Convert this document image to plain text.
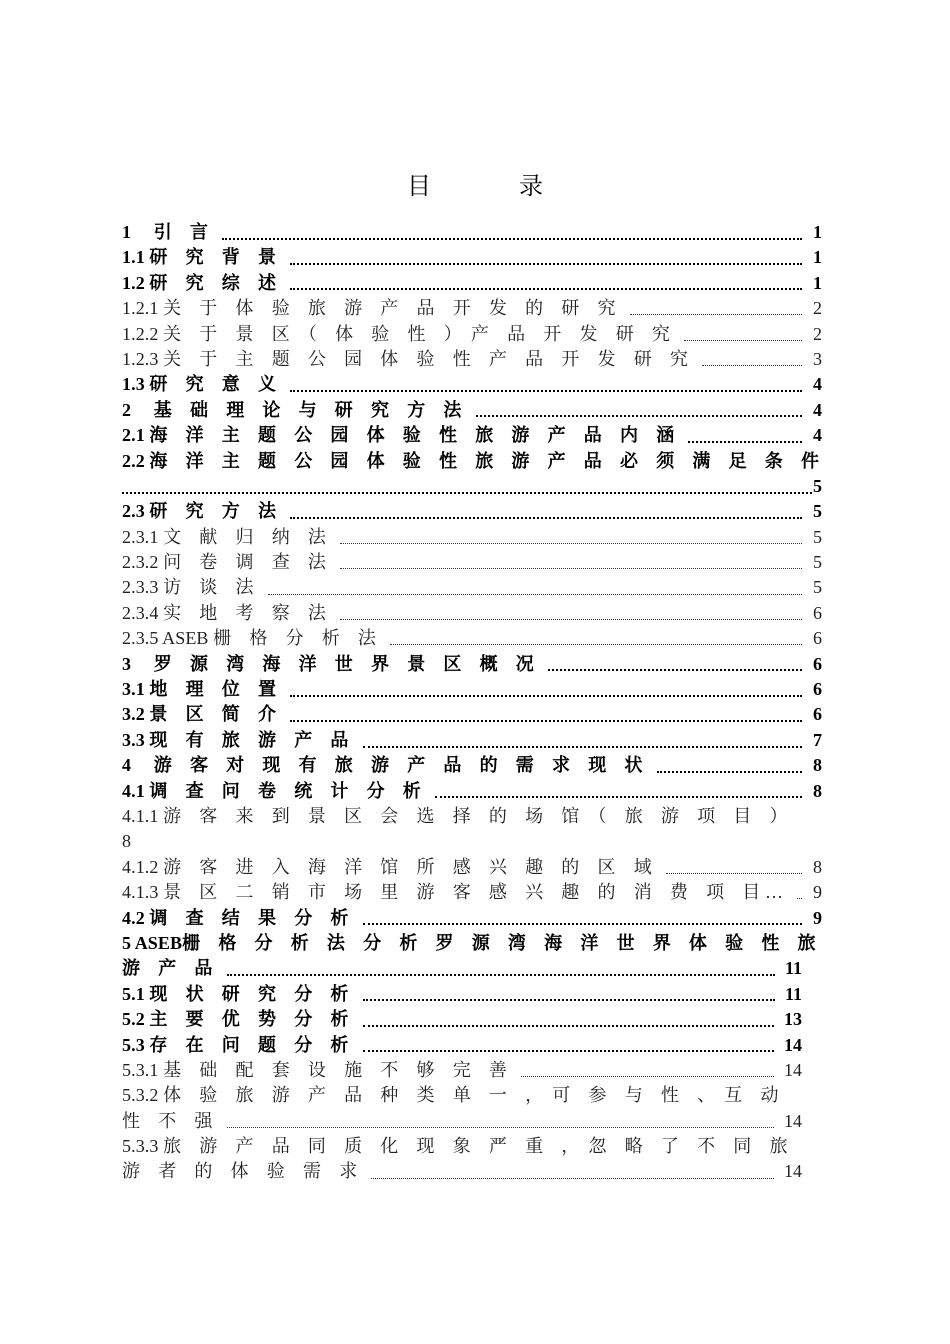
目	录
1　 引　言	1
1.1 研　究　背　景	1
1.2 研　究　综　述	1
1.2.1 关　于　体　验　旅　游　产　品　开　发　的　研　究	2
1.2.2 关　于　景　区　（　体　验　性　）　产　品　开　发　研　究	2
1.2.3 关　于　主　题　公　园　体　验　性　产　品　开　发　研　究	3
1.3 研　究　意　义	4
2　 基　础　理　论　与　研　究　方　法	4
2.1 海　洋　主　题　公　园　体　验　性　旅　游　产　品　内　涵	4
2.2 海　洋　主　题　公　园　体　验　性　旅　游　产　品　必　须　满　足　条　件
5
2.3 研　究　方　法	5
2.3.1 文　献　归　纳　法	5
2.3.2 问　卷　调　查　法	5
2.3.3 访　谈　法	5
2.3.4 实　地　考　察　法	6
2.3.5 ASEB 栅　格　分　析　法	6
3　 罗　源　湾　海　洋　世　界　景　区　概　况	6
3.1 地　理　位　置	6
3.2 景　区　简　介	6
3.3 现　有　旅　游　产　品	7
4　 游　客　对　现　有　旅　游　产　品　的　需　求　现　状	8
4.1 调　查　问　卷　统　计　分　析	8
4.1.1 游　客　来　到　景　区　会　选　择　的　场　馆　（　旅　游　项　目　）
8
4.1.2 游　客　进　入　海　洋　馆　所　感　兴　趣　的　区　域	8
4.1.3 景　区　二　销　市　场　里　游　客　感　兴　趣　的　消　费　项　目 … 9
4.2 调　查　结　果　分　析	9
5 ASEB栅　格　分　析　法　分　析　罗　源　湾　海　洋　世　界　体　验　性　旅
游　产　品	11
5.1 现　状　研　究　分　析	11
5.2 主　要　优　势　分　析	13
5.3 存　在　问　题　分　析	14
5.3.1 基　础　配　套　设　施　不　够　完　善	14
5.3.2 体　验　旅　游　产　品　种　类　单　一　，　可　参　与　性　、　互　动
性　不　强	14
5.3.3 旅　游　产　品　同　质　化　现　象　严　重　，　忽　略　了　不　同　旅
游　者　的　体　验　需　求	14
